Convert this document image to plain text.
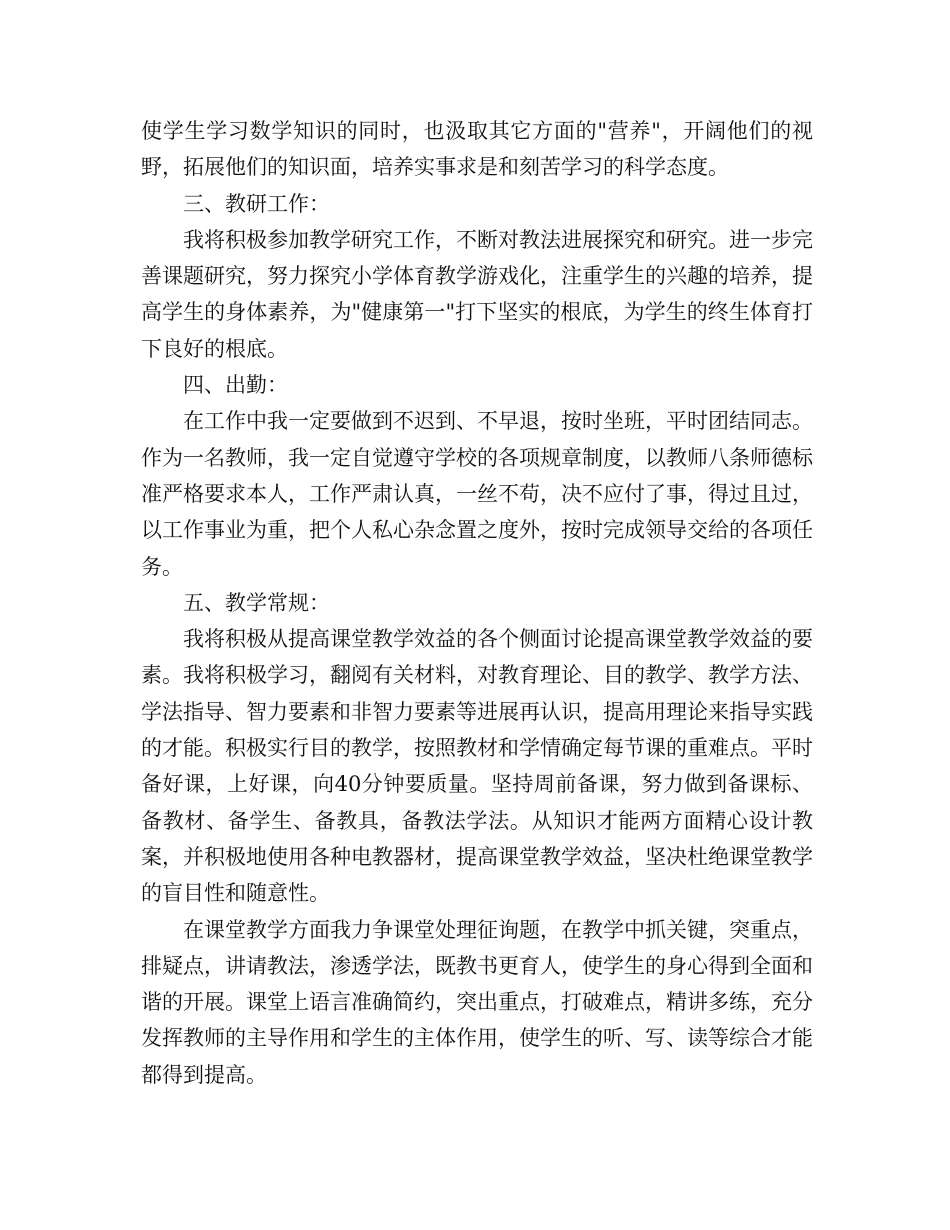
使学生学习数学知识的同时，也汲取其它方面的"营养"，开阔他们的视野，拓展他们的知识面，培养实事求是和刻苦学习的科学态度。

三、教研工作：

我将积极参加教学研究工作，不断对教法进展探究和研究。进一步完善课题研究，努力探究小学体育教学游戏化，注重学生的兴趣的培养，提高学生的身体素养，为"健康第一"打下坚实的根底，为学生的终生体育打下良好的根底。

四、出勤：

在工作中我一定要做到不迟到、不早退，按时坐班，平时团结同志。作为一名教师，我一定自觉遵守学校的各项规章制度，以教师八条师德标准严格要求本人，工作严肃认真，一丝不苟，决不应付了事，得过且过，以工作事业为重，把个人私心杂念置之度外，按时完成领导交给的各项任务。

五、教学常规：

我将积极从提高课堂教学效益的各个侧面讨论提高课堂教学效益的要素。我将积极学习，翻阅有关材料，对教育理论、目的教学、教学方法、学法指导、智力要素和非智力要素等进展再认识，提高用理论来指导实践的才能。积极实行目的教学，按照教材和学情确定每节课的重难点。平时备好课，上好课，向40分钟要质量。坚持周前备课，努力做到备课标、备教材、备学生、备教具，备教法学法。从知识才能两方面精心设计教案，并积极地使用各种电教器材，提高课堂教学效益，坚决杜绝课堂教学的盲目性和随意性。

在课堂教学方面我力争课堂处理征询题，在教学中抓关键，突重点，排疑点，讲请教法，渗透学法，既教书更育人，使学生的身心得到全面和谐的开展。课堂上语言准确简约，突出重点，打破难点，精讲多练，充分发挥教师的主导作用和学生的主体作用，使学生的听、写、读等综合才能都得到提高。
